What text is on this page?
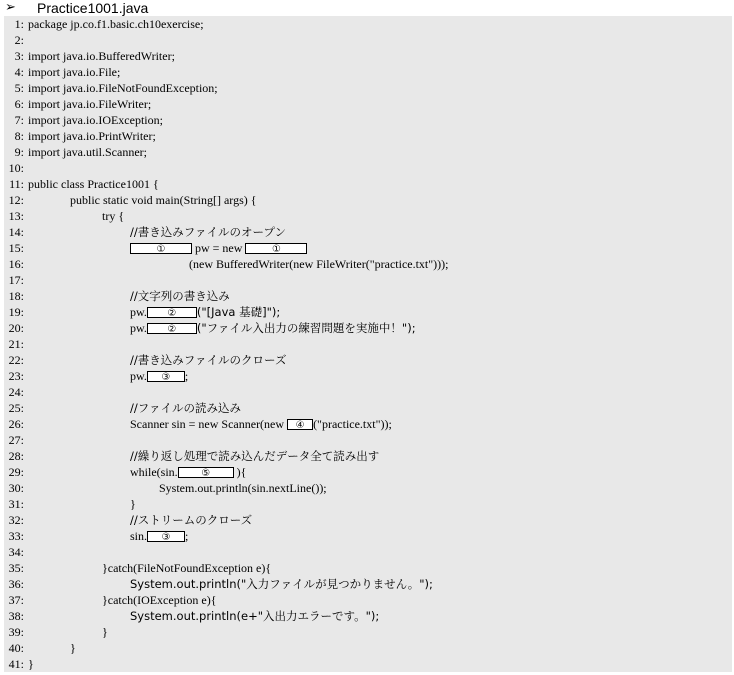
➢ Practice1001.java
1: package jp.co.f1.basic.ch10exercise;
2:
3: import java.io.BufferedWriter;
4: import java.io.File;
5: import java.io.FileNotFoundException;
6: import java.io.FileWriter;
7: import java.io.IOException;
8: import java.io.PrintWriter;
9: import java.util.Scanner;
10:
11: public class Practice1001 {
12:	public static void main(String[] args) {
13:	try {
14:	//書き込みファイルのオープン
15:

	① pw = new	①
16:	(new BufferedWriter(new FileWriter("practice.txt")));
17:
18:	//文字列の書き込み
19:

	pw. ② ("[Java 基礎]");
20:

	pw. ② ("ファイル入出力の練習問題を実施中！");
21:
22:	//書き込みファイルのクローズ
23:

	pw. ③ ;
24:
25:	//ファイルの読み込み
26:

	Scanner sin = new Scanner(new ④ ("practice.txt"));
27:
28:	//繰り返し処理で読み込んだデータ全て読み出す
29:

	while(sin. ⑤ ){
30:	System.out.println(sin.nextLine());
31:	}
32:	//ストリームのクローズ
33:

	sin. ③ ;
34:
35:	}catch(FileNotFoundException e){
36:	System.out.println("入力ファイルが見つかりません。");
37:	}catch(IOException e){
38:	System.out.println(e+"入出力エラーです。");
39:	}
40:	}
41: }
